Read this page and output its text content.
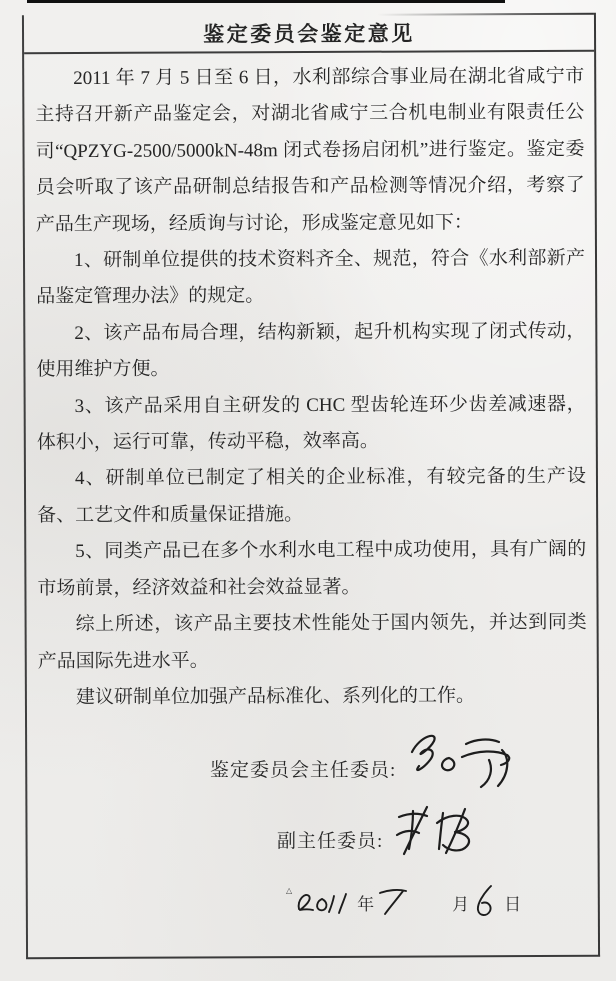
鉴定委员会鉴定意见

2011 年 7 月 5 日至 6 日，水利部综合事业局在湖北省咸宁市主持召开新产品鉴定会，对湖北省咸宁三合机电制业有限责任公司“QPZYG-2500/5000kN-48m 闭式卷扬启闭机”进行鉴定。鉴定委员会听取了该产品研制总结报告和产品检测等情况介绍，考察了产品生产现场，经质询与讨论，形成鉴定意见如下：

1、研制单位提供的技术资料齐全、规范，符合《水利部新产品鉴定管理办法》的规定。

2、该产品布局合理，结构新颖，起升机构实现了闭式传动，使用维护方便。

3、该产品采用自主研发的 CHC 型齿轮连环少齿差减速器，体积小，运行可靠，传动平稳，效率高。

4、研制单位已制定了相关的企业标准，有较完备的生产设备、工艺文件和质量保证措施。

5、同类产品已在多个水利水电工程中成功使用，具有广阔的市场前景，经济效益和社会效益显著。

综上所述，该产品主要技术性能处于国内领先，并达到同类产品国际先进水平。

建议研制单位加强产品标准化、系列化的工作。

鉴定委员会主任委员:
副主任委员:
△
年	月 日
